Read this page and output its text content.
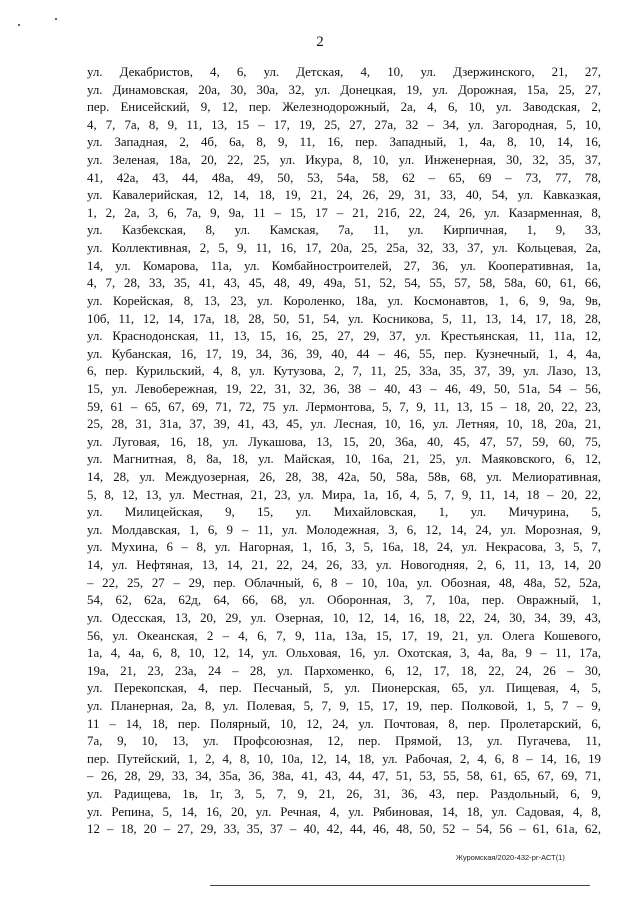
2
ул. Декабристов, 4, 6, ул. Детская, 4, 10, ул. Дзержинского, 21, 27,
ул. Динамовская, 20а, 30, 30а, 32, ул. Донецкая, 19, ул. Дорожная, 15а, 25, 27,
пер. Енисейский, 9, 12, пер. Железнодорожный, 2а, 4, 6, 10, ул. Заводская, 2,
4, 7, 7а, 8, 9, 11, 13, 15 – 17, 19, 25, 27, 27а, 32 – 34, ул. Загородная, 5, 10,
ул. Западная, 2, 4б, 6а, 8, 9, 11, 16, пер. Западный, 1, 4а, 8, 10, 14, 16,
ул. Зеленая, 18а, 20, 22, 25, ул. Икура, 8, 10, ул. Инженерная, 30, 32, 35, 37,
41, 42а, 43, 44, 48а, 49, 50, 53, 54а, 58, 62 – 65, 69 – 73, 77, 78,
ул. Кавалерийская, 12, 14, 18, 19, 21, 24, 26, 29, 31, 33, 40, 54, ул. Кавказкая,
1, 2, 2а, 3, 6, 7а, 9, 9а, 11 – 15, 17 – 21, 21б, 22, 24, 26, ул. Казарменная, 8,
ул. Казбекская, 8, ул. Камская, 7а, 11, ул. Кирпичная, 1, 9, 33,
ул. Коллективная, 2, 5, 9, 11, 16, 17, 20а, 25, 25а, 32, 33, 37, ул. Кольцевая, 2а,
14, ул. Комарова, 11а, ул. Комбайностроителей, 27, 36, ул. Кооперативная, 1а,
4, 7, 28, 33, 35, 41, 43, 45, 48, 49, 49а, 51, 52, 54, 55, 57, 58, 58а, 60, 61, 66,
ул. Корейская, 8, 13, 23, ул. Короленко, 18а, ул. Космонавтов, 1, 6, 9, 9а, 9в,
10б, 11, 12, 14, 17а, 18, 28, 50, 51, 54, ул. Косникова, 5, 11, 13, 14, 17, 18, 28,
ул. Краснодонская, 11, 13, 15, 16, 25, 27, 29, 37, ул. Крестьянская, 11, 11а, 12,
ул. Кубанская, 16, 17, 19, 34, 36, 39, 40, 44 – 46, 55, пер. Кузнечный, 1, 4, 4а,
6, пер. Курильский, 4, 8, ул. Кутузова, 2, 7, 11, 25, 33а, 35, 37, 39, ул. Лазо, 13,
15, ул. Левобережная, 19, 22, 31, 32, 36, 38 – 40, 43 – 46, 49, 50, 51а, 54 – 56,
59, 61 – 65, 67, 69, 71, 72, 75 ул. Лермонтова, 5, 7, 9, 11, 13, 15 – 18, 20, 22, 23,
25, 28, 31, 31а, 37, 39, 41, 43, 45, ул. Лесная, 10, 16, ул. Летняя, 10, 18, 20а, 21,
ул. Луговая, 16, 18, ул. Лукашова, 13, 15, 20, 36а, 40, 45, 47, 57, 59, 60, 75,
ул. Магнитная, 8, 8а, 18, ул. Майская, 10, 16а, 21, 25, ул. Маяковского, 6, 12,
14, 28, ул. Междуозерная, 26, 28, 38, 42а, 50, 58а, 58в, 68, ул. Мелиоративная,
5, 8, 12, 13, ул. Местная, 21, 23, ул. Мира, 1а, 1б, 4, 5, 7, 9, 11, 14, 18 – 20, 22,
ул. Милицейская, 9, 15, ул. Михайловская, 1, ул. Мичурина, 5,
ул. Молдавская, 1, 6, 9 – 11, ул. Молодежная, 3, 6, 12, 14, 24, ул. Морозная, 9,
ул. Мухина, 6 – 8, ул. Нагорная, 1, 1б, 3, 5, 16а, 18, 24, ул. Некрасова, 3, 5, 7,
14, ул. Нефтяная, 13, 14, 21, 22, 24, 26, 33, ул. Новогодняя, 2, 6, 11, 13, 14, 20
– 22, 25, 27 – 29, пер. Облачный, 6, 8 – 10, 10а, ул. Обозная, 48, 48а, 52, 52а,
54, 62, 62а, 62д, 64, 66, 68, ул. Оборонная, 3, 7, 10а, пер. Овражный, 1,
ул. Одесская, 13, 20, 29, ул. Озерная, 10, 12, 14, 16, 18, 22, 24, 30, 34, 39, 43,
56, ул. Океанская, 2 – 4, 6, 7, 9, 11а, 13а, 15, 17, 19, 21, ул. Олега Кошевого,
1а, 4, 4а, 6, 8, 10, 12, 14, ул. Ольховая, 16, ул. Охотская, 3, 4а, 8а, 9 – 11, 17а,
19а, 21, 23, 23а, 24 – 28, ул. Пархоменко, 6, 12, 17, 18, 22, 24, 26 – 30,
ул. Перекопская, 4, пер. Песчаный, 5, ул. Пионерская, 65, ул. Пищевая, 4, 5,
ул. Планерная, 2а, 8, ул. Полевая, 5, 7, 9, 15, 17, 19, пер. Полковой, 1, 5, 7 – 9,
11 – 14, 18, пер. Полярный, 10, 12, 24, ул. Почтовая, 8, пер. Пролетарский, 6,
7а, 9, 10, 13, ул. Профсоюзная, 12, пер. Прямой, 13, ул. Пугачева, 11,
пер. Путейский, 1, 2, 4, 8, 10, 10а, 12, 14, 18, ул. Рабочая, 2, 4, 6, 8 – 14, 16, 19
– 26, 28, 29, 33, 34, 35а, 36, 38а, 41, 43, 44, 47, 51, 53, 55, 58, 61, 65, 67, 69, 71,
ул. Радищева, 1в, 1г, 3, 5, 7, 9, 21, 26, 31, 36, 43, пер. Раздольный, 6, 9,
ул. Репина, 5, 14, 16, 20, ул. Речная, 4, ул. Рябиновая, 14, 18, ул. Садовая, 4, 8,
12 – 18, 20 – 27, 29, 33, 35, 37 – 40, 42, 44, 46, 48, 50, 52 – 54, 56 – 61, 61а, 62,
Журомская/2020-432-рг-АСТ(1)
